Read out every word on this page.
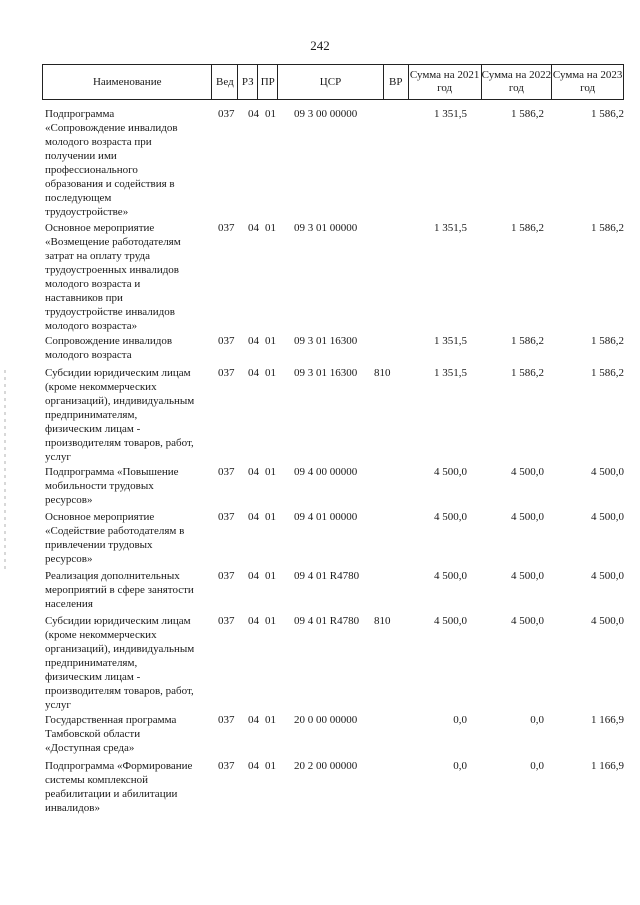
242
Наименование	Вед РЗ ПР	ЦСР	ВР
Сумма на 2021 год
Сумма на 2022 год
Сумма на 2023 год
Подпрограмма
«Сопровождение инвалидов
молодого возраста при
получении ими
профессионального
образования и содействия в
последующем
трудоустройстве»
037 04 01 09 3 00 00000	1 351,5	1 586,2	1 586,2
Основное мероприятие
«Возмещение работодателям
затрат на оплату труда
трудоустроенных инвалидов
молодого возраста и
наставников при
трудоустройстве инвалидов
молодого возраста»
037 04 01 09 3 01 00000	1 351,5	1 586,2	1 586,2
Сопровождение инвалидов
молодого возраста
037 04 01 09 3 01 16300	1 351,5	1 586,2	1 586,2
Субсидии юридическим лицам
(кроме некоммерческих
организаций), индивидуальным
предпринимателям,
физическим лицам -
производителям товаров, работ,
услуг
037 04 01 09 3 01 16300 810	1 351,5	1 586,2	1 586,2
Подпрограмма «Повышение
мобильности трудовых
ресурсов»
037 04 01 09 4 00 00000	4 500,0	4 500,0	4 500,0
Основное мероприятие
«Содействие работодателям в
привлечении трудовых
ресурсов»
037 04 01 09 4 01 00000	4 500,0	4 500,0	4 500,0
Реализация дополнительных
мероприятий в сфере занятости
населения
037 04 01 09 4 01 R4780	4 500,0	4 500,0	4 500,0
Субсидии юридическим лицам
(кроме некоммерческих
организаций), индивидуальным
предпринимателям,
физическим лицам -
производителям товаров, работ,
услуг
037 04 01 09 4 01 R4780 810	4 500,0	4 500,0	4 500,0
Государственная программа
Тамбовской области
«Доступная среда»
037 04 01 20 0 00 00000	0,0	0,0	1 166,9
Подпрограмма «Формирование
системы комплексной
реабилитации и абилитации
инвалидов»
037 04 01 20 2 00 00000	0,0	0,0	1 166,9
